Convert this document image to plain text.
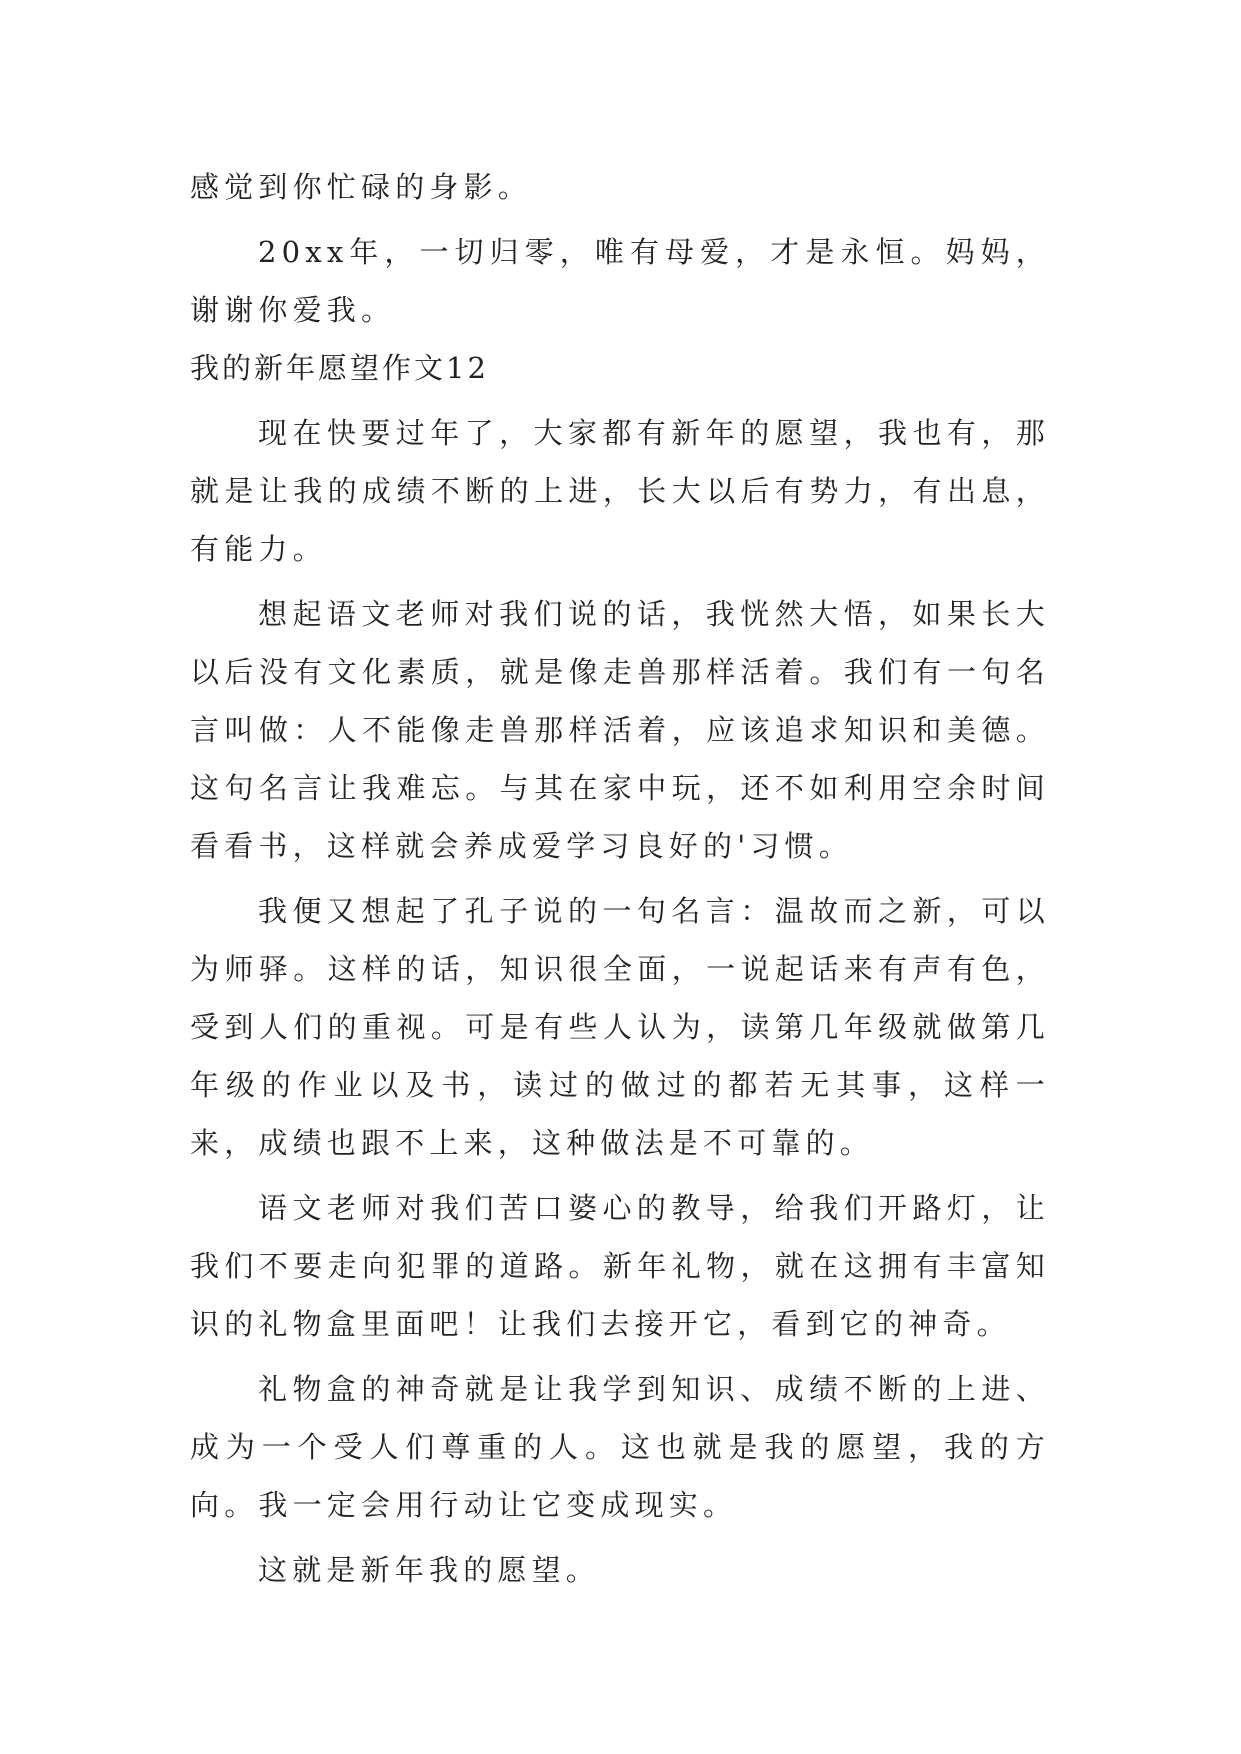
感觉到你忙碌的身影。

20xx年，一切归零，唯有母爱，才是永恒。妈妈，谢谢你爱我。

我的新年愿望作文12

现在快要过年了，大家都有新年的愿望，我也有，那就是让我的成绩不断的上进，长大以后有势力，有出息，有能力。

想起语文老师对我们说的话，我恍然大悟，如果长大以后没有文化素质，就是像走兽那样活着。我们有一句名言叫做：人不能像走兽那样活着，应该追求知识和美德。这句名言让我难忘。与其在家中玩，还不如利用空余时间看看书，这样就会养成爱学习良好的'习惯。

我便又想起了孔子说的一句名言：温故而之新，可以为师驿。这样的话，知识很全面，一说起话来有声有色，受到人们的重视。可是有些人认为，读第几年级就做第几年级的作业以及书，读过的做过的都若无其事，这样一来，成绩也跟不上来，这种做法是不可靠的。

语文老师对我们苦口婆心的教导，给我们开路灯，让我们不要走向犯罪的道路。新年礼物，就在这拥有丰富知识的礼物盒里面吧！让我们去接开它，看到它的神奇。

礼物盒的神奇就是让我学到知识、成绩不断的上进、成为一个受人们尊重的人。这也就是我的愿望，我的方向。我一定会用行动让它变成现实。

这就是新年我的愿望。
